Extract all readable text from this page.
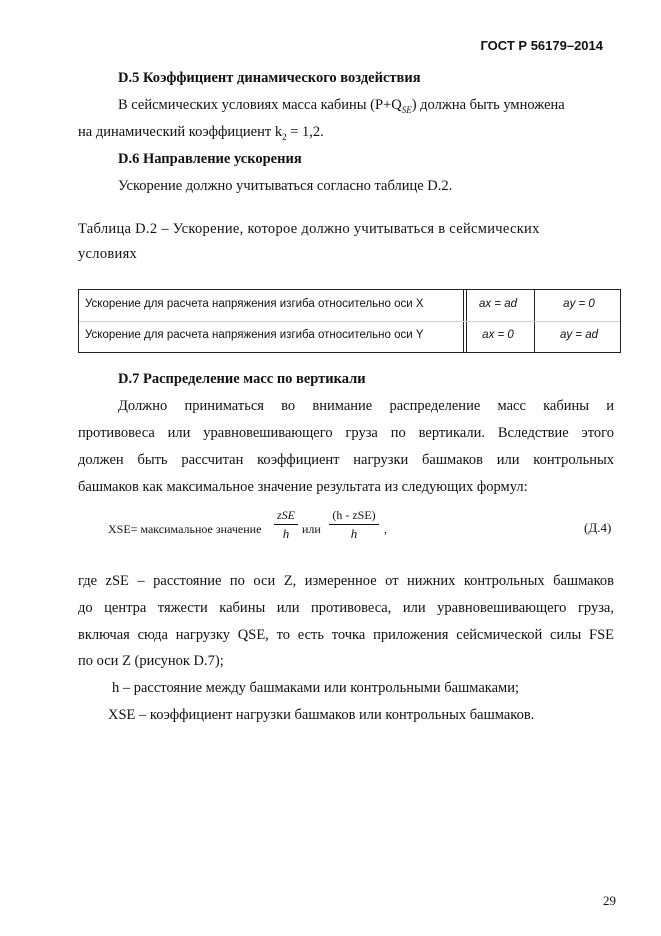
ГОСТ Р 56179–2014
D.5 Коэффициент динамического воздействия
В сейсмических условиях масса кабины $(P+Q_{SE})$ должна быть умножена
на динамический коэффициент $k_2 = 1,2$.
D.6 Направление ускорения
Ускорение должно учитываться согласно таблице D.2.
Таблица D.2 – Ускорение, которое должно учитываться в сейсмических
условиях
Ускорение для расчета напряжения изгиба относительно оси X	ax = ad	ay = 0
Ускорение для расчета напряжения изгиба относительно оси Y	ax = 0	ay = ad
D.7 Распределение масс по вертикали
Должно приниматься во внимание распределение масс кабины и
противовеса или уравновешивающего груза по вертикали. Вследствие этого
должен быть рассчитан коэффициент нагрузки башмаков или контрольных
башмаков как максимальное значение результата из следующих формул:
XSE= максимальное значение
zSE
h	или
(h - zSE)
h	,	(Д.4)
где zSE – расстояние по оси Z, измеренное от нижних контрольных башмаков
до центра тяжести кабины или противовеса, или уравновешивающего груза,
включая сюда нагрузку QSE, то есть точка приложения сейсмической силы FSE
по оси Z (рисунок D.7);
h – расстояние между башмаками или контрольными башмаками;
XSE – коэффициент нагрузки башмаков или контрольных башмаков.
29
